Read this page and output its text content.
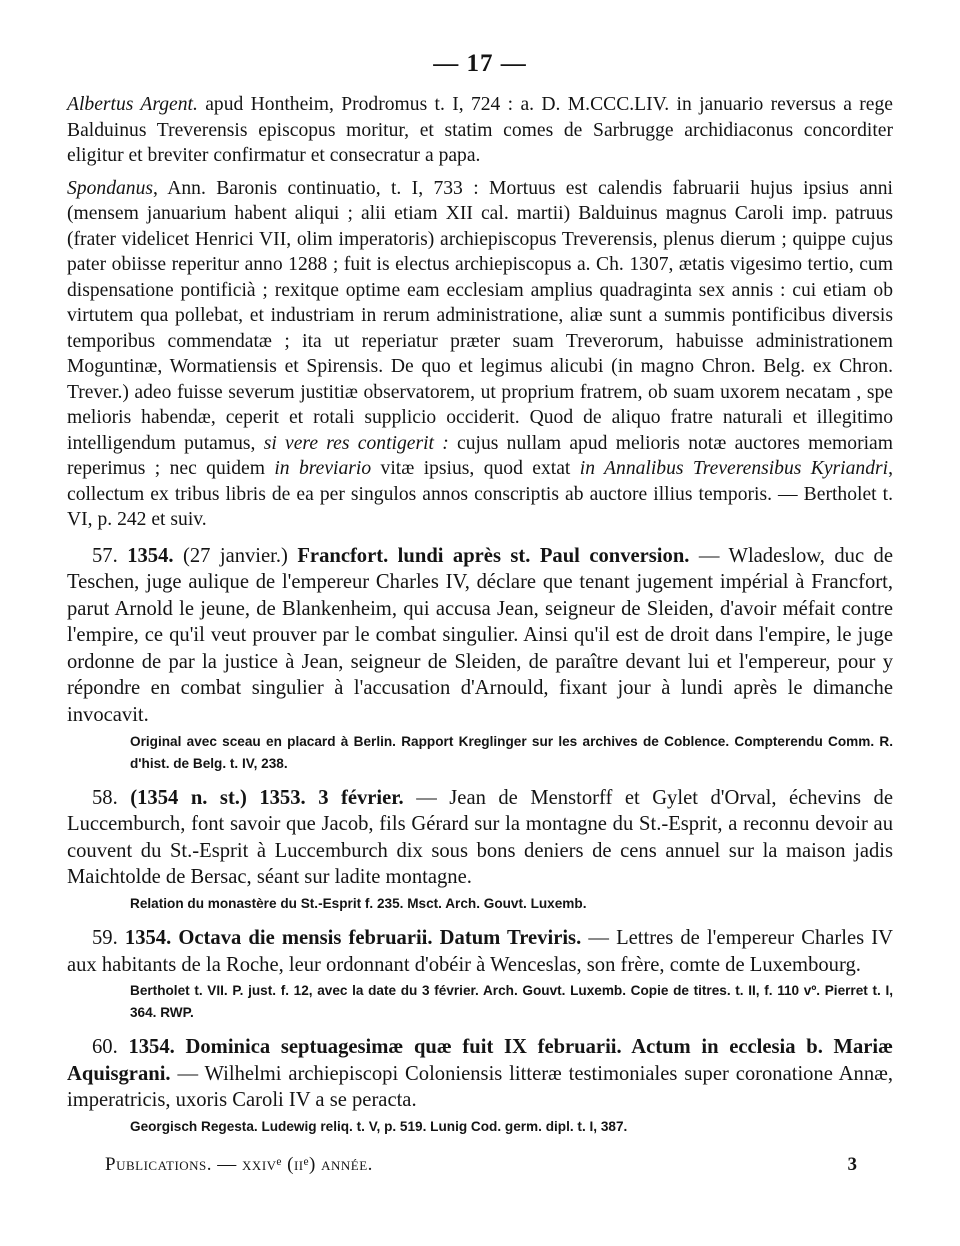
— 17 —

Albertus Argent. apud Hontheim, Prodromus t. I, 724 : a. D. M.CCC.LIV. in januario reversus a rege Balduinus Treverensis episcopus moritur, et statim comes de Sarbrugge archidiaconus concorditer eligitur et breviter confirmatur et consecratur a papa.

Spondanus, Ann. Baronis continuatio, t. I, 733 : Mortuus est calendis fabruarii hujus ipsius anni (mensem januarium habent aliqui ; alii etiam XII cal. martii) Balduinus magnus Caroli imp. patruus (frater videlicet Henrici VII, olim imperatoris) archiepiscopus Treverensis, plenus dierum ; quippe cujus pater obiisse reperitur anno 1288 ; fuit is electus archiepiscopus a. Ch. 1307, ætatis vigesimo tertio, cum dispensatione pontificià ; rexitque optime eam ecclesiam amplius quadraginta sex annis : cui etiam ob virtutem qua pollebat, et industriam in rerum administratione, aliæ sunt a summis pontificibus diversis temporibus commendatæ ; ita ut reperiatur præter suam Treverorum, habuisse administrationem Moguntinæ, Wormatiensis et Spirensis. De quo et legimus alicubi (in magno Chron. Belg. ex Chron. Trever.) adeo fuisse severum justitiæ observatorem, ut proprium fratrem, ob suam uxorem necatam , spe melioris habendæ, ceperit et rotali supplicio occiderit. Quod de aliquo fratre naturali et illegitimo intelligendum putamus, si vere res contigerit : cujus nullam apud melioris notæ auctores memoriam reperimus ; nec quidem in breviario vitæ ipsius, quod extat in Annalibus Treverensibus Kyriandri, collectum ex tribus libris de ea per singulos annos conscriptis ab auctore illius temporis. — Bertholet t. VI, p. 242 et suiv.

57. 1354. (27 janvier.) Francfort. lundi après st. Paul conversion. — Wladeslow, duc de Teschen, juge aulique de l'empereur Charles IV, déclare que tenant jugement impérial à Francfort, parut Arnold le jeune, de Blankenheim, qui accusa Jean, seigneur de Sleiden, d'avoir méfait contre l'empire, ce qu'il veut prouver par le combat singulier. Ainsi qu'il est de droit dans l'empire, le juge ordonne de par la justice à Jean, seigneur de Sleiden, de paraître devant lui et l'empereur, pour y répondre en combat singulier à l'accusation d'Arnould, fixant jour à lundi après le dimanche invocavit.

Original avec sceau en placard à Berlin. Rapport Kreglinger sur les archives de Coblence. Compterendu Comm. R. d'hist. de Belg. t. IV, 238.

58. (1354 n. st.) 1353. 3 février. — Jean de Menstorff et Gylet d'Orval, échevins de Luccemburch, font savoir que Jacob, fils Gérard sur la montagne du St.-Esprit, a reconnu devoir au couvent du St.-Esprit à Luccemburch dix sous bons deniers de cens annuel sur la maison jadis Maichtolde de Bersac, séant sur ladite montagne.

Relation du monastère du St.-Esprit f. 235. Msct. Arch. Gouvt. Luxemb.

59. 1354. Octava die mensis februarii. Datum Treviris. — Lettres de l'empereur Charles IV aux habitants de la Roche, leur ordonnant d'obéir à Wenceslas, son frère, comte de Luxembourg.

Bertholet t. VII. P. just. f. 12, avec la date du 3 février. Arch. Gouvt. Luxemb. Copie de titres. t. II, f. 110 vº. Pierret t. I, 364. RWP.

60. 1354. Dominica septuagesimæ quæ fuit IX februarii. Actum in ecclesia b. Mariæ Aquisgrani. — Wilhelmi archiepiscopi Coloniensis litteræ testimoniales super coronatione Annæ, imperatricis, uxoris Caroli IV a se peracta.

Georgisch Regesta. Ludewig reliq. t. V, p. 519. Lunig Cod. germ. dipl. t. I, 387.

Publications. — xxivᵉ (iiᵉ) année.	3
